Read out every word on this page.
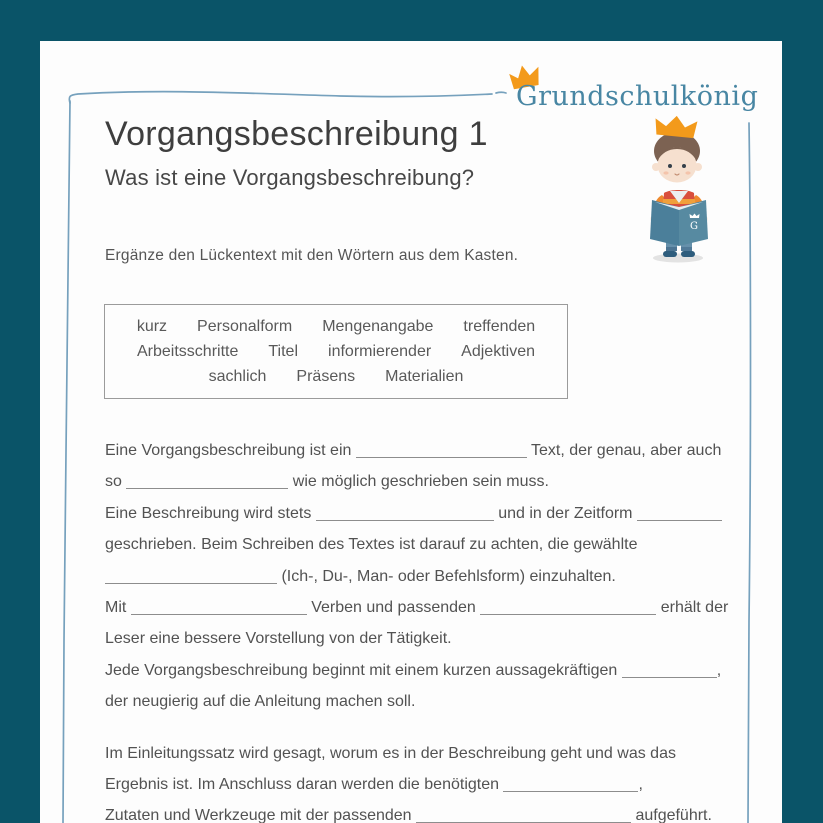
Grundschulkönig
G
Vorgangsbeschreibung 1
Was ist eine Vorgangsbeschreibung?
Ergänze den Lückentext mit den Wörtern aus dem Kasten.
kurz Personalform Mengenangabe treffenden
Arbeitsschritte Titel informierender Adjektiven
sachlich Präsens Materialien
Eine Vorgangsbeschreibung ist ein	Text, der genau, aber auch
so	wie möglich geschrieben sein muss.
Eine Beschreibung wird stets	und in der Zeitform
geschrieben. Beim Schreiben des Textes ist darauf zu achten, die gewählte
(Ich-, Du-, Man- oder Befehlsform) einzuhalten.
Mit	Verben und passenden	erhält der
Leser eine bessere Vorstellung von der Tätigkeit.
Jede Vorgangsbeschreibung beginnt mit einem kurzen aussagekräftigen	,
der neugierig auf die Anleitung machen soll.
Im Einleitungssatz wird gesagt, worum es in der Beschreibung geht und was das
Ergebnis ist. Im Anschluss daran werden die benötigten	,
Zutaten und Werkzeuge mit der passenden	aufgeführt.
